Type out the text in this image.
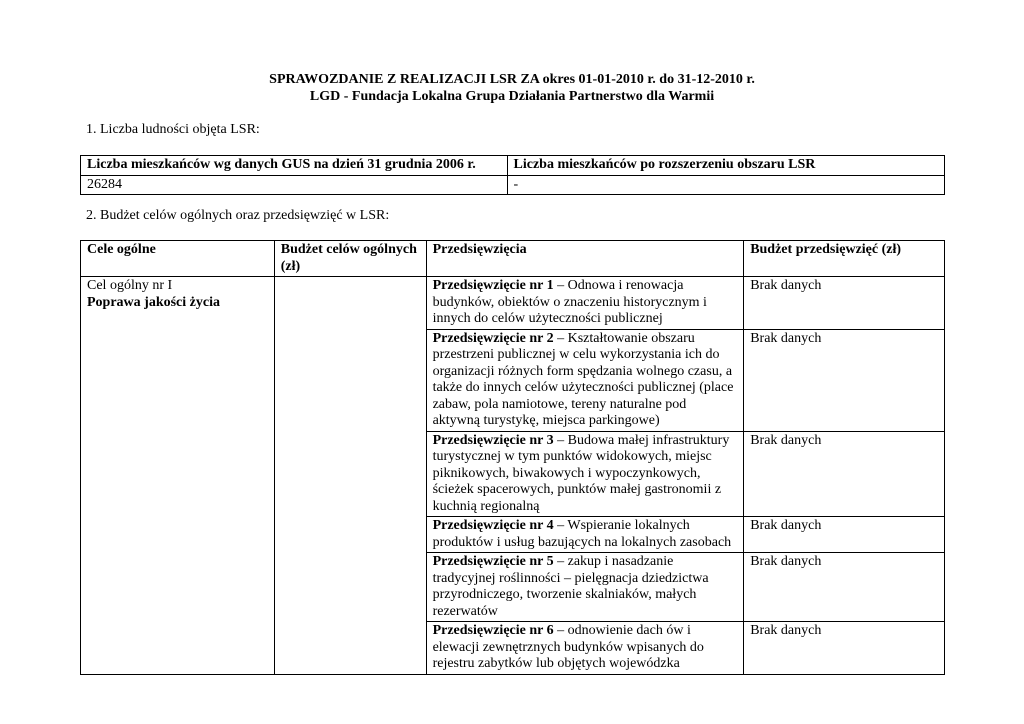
SPRAWOZDANIE Z REALIZACJI LSR ZA okres 01-01-2010 r. do 31-12-2010 r.
LGD - Fundacja Lokalna Grupa Działania Partnerstwo dla Warmii
1. Liczba ludności objęta LSR:
Liczba mieszkańców wg danych GUS na dzień 31 grudnia 2006 r.	Liczba mieszkańców po rozszerzeniu obszaru LSR
26284	-
2. Budżet celów ogólnych oraz przedsięwzięć w LSR:
Cele ogólne	Budżet celów ogólnych (zł)	Przedsięwzięcia	Budżet przedsięwzięć (zł)

Cel ogólny nr I
Poprawa jakości życia		Przedsięwzięcie nr 1 – Odnowa i renowacja budynków, obiektów o znaczeniu historycznym i innych do celów użyteczności publicznej	Brak danych
		Przedsięwzięcie nr 2 – Kształtowanie obszaru przestrzeni publicznej w celu wykorzystania ich do organizacji różnych form spędzania wolnego czasu, a także do innych celów użyteczności publicznej (place zabaw, pola namiotowe, tereny naturalne pod aktywną turystykę, miejsca parkingowe)	Brak danych
		Przedsięwzięcie nr 3 – Budowa małej infrastruktury turystycznej w tym punktów widokowych, miejsc piknikowych, biwakowych i wypoczynkowych, ścieżek spacerowych, punktów małej gastronomii z kuchnią regionalną	Brak danych
		Przedsięwzięcie nr 4 – Wspieranie lokalnych produktów i usług bazujących na lokalnych zasobach	Brak danych
		Przedsięwzięcie nr 5 – zakup i nasadzanie tradycyjnej roślinności – pielęgnacja dziedzictwa przyrodniczego, tworzenie skalniaków, małych rezerwatów	Brak danych
		Przedsięwzięcie nr 6 – odnowienie dach ów i elewacji zewnętrznych budynków wpisanych do rejestru zabytków lub objętych wojewódzka	Brak danych
